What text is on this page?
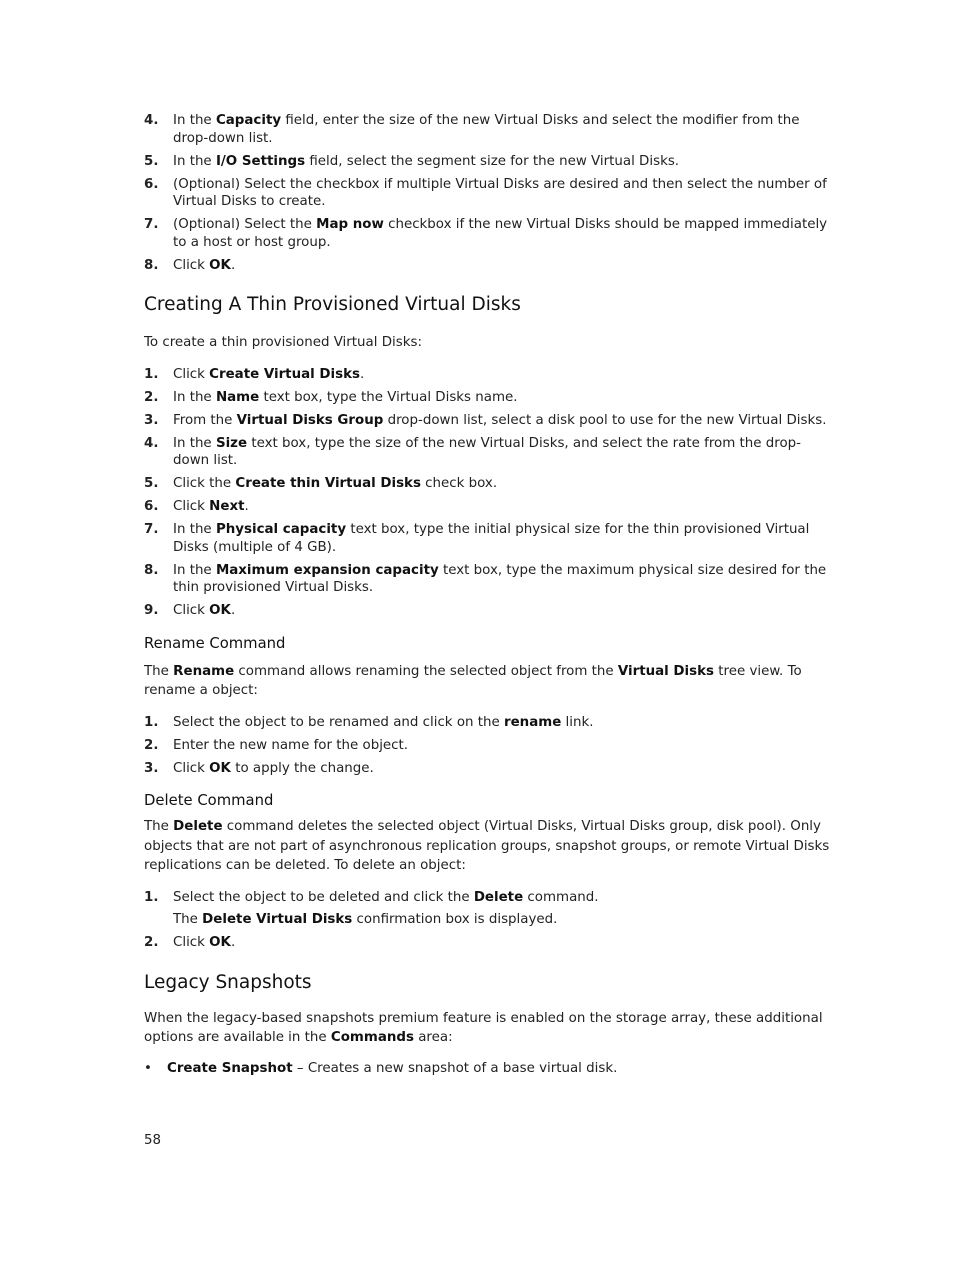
4. In the Capacity field, enter the size of the new Virtual Disks and select the modifier from the drop-down list.
5. In the I/O Settings field, select the segment size for the new Virtual Disks.
6. (Optional) Select the checkbox if multiple Virtual Disks are desired and then select the number of Virtual Disks to create.
7. (Optional) Select the Map now checkbox if the new Virtual Disks should be mapped immediately to a host or host group.
8. Click OK.
Creating A Thin Provisioned Virtual Disks

To create a thin provisioned Virtual Disks:

1. Click Create Virtual Disks.
2. In the Name text box, type the Virtual Disks name.
3. From the Virtual Disks Group drop-down list, select a disk pool to use for the new Virtual Disks.
4. In the Size text box, type the size of the new Virtual Disks, and select the rate from the drop-down list.
5. Click the Create thin Virtual Disks check box.
6. Click Next.
7. In the Physical capacity text box, type the initial physical size for the thin provisioned Virtual Disks (multiple of 4 GB).
8. In the Maximum expansion capacity text box, type the maximum physical size desired for the thin provisioned Virtual Disks.
9. Click OK.
Rename Command

The Rename command allows renaming the selected object from the Virtual Disks tree view. To rename a object:

1. Select the object to be renamed and click on the rename link.
2. Enter the new name for the object.
3. Click OK to apply the change.
Delete Command

The Delete command deletes the selected object (Virtual Disks, Virtual Disks group, disk pool). Only objects that are not part of asynchronous replication groups, snapshot groups, or remote Virtual Disks replications can be deleted. To delete an object:

1. Select the object to be deleted and click the Delete command.
The Delete Virtual Disks confirmation box is displayed.
2. Click OK.
Legacy Snapshots

When the legacy-based snapshots premium feature is enabled on the storage array, these additional options are available in the Commands area:

• Create Snapshot – Creates a new snapshot of a base virtual disk.
58
